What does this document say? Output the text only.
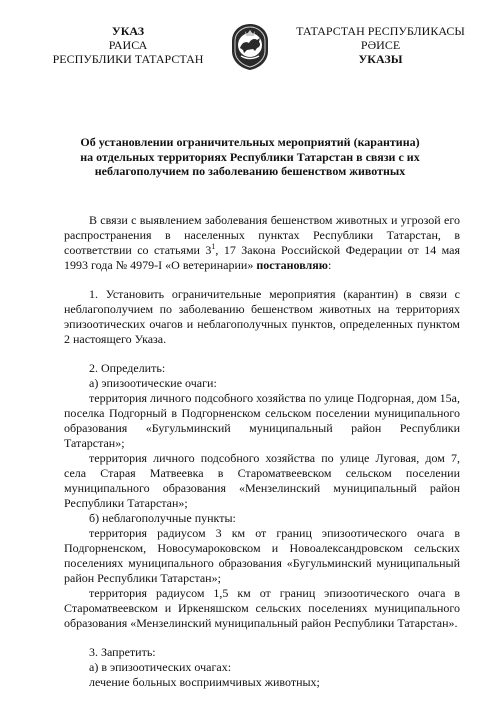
УКАЗ
РАИСА
РЕСПУБЛИКИ ТАТАРСТАН
ТАТАРСТАН РЕСПУБЛИКАСЫ
РӘИСЕ
УКАЗЫ
Об установлении ограничительных мероприятий (карантина)
на отдельных территориях Республики Татарстан в связи с их
неблагополучием по заболеванию бешенством животных

В связи с выявлением заболевания бешенством животных и угрозой его распространения в населенных пунктах Республики Татарстан, в соответствии со статьями $3^1$, 17 Закона Российской Федерации от 14 мая 1993 года № 4979-I «О ветеринарии» постановляю:

1. Установить ограничительные мероприятия (карантин) в связи с неблагополучием по заболеванию бешенством животных на территориях эпизоотических очагов и неблагополучных пунктов, определенных пунктом 2 настоящего Указа.

2. Определить:

а) эпизоотические очаги:

территория личного подсобного хозяйства по улице Подгорная, дом 15а, поселка Подгорный в Подгорненском сельском поселении муниципального образования «Бугульминский муниципальный район Республики Татарстан»;

территория личного подсобного хозяйства по улице Луговая, дом 7, села Старая Матвеевка в Староматвеевском сельском поселении муниципального образования «Мензелинский муниципальный район Республики Татарстан»;

б) неблагополучные пункты:

территория радиусом 3 км от границ эпизоотического очага в Подгорненском, Новосумароковском и Новоалександровском сельских поселениях муниципального образования «Бугульминский муниципальный район Республики Татарстан»;

территория радиусом 1,5 км от границ эпизоотического очага в Староматвеевском и Иркеняшском сельских поселениях муниципального образования «Мензелинский муниципальный район Республики Татарстан».

3. Запретить:

а) в эпизоотических очагах:

лечение больных восприимчивых животных;
